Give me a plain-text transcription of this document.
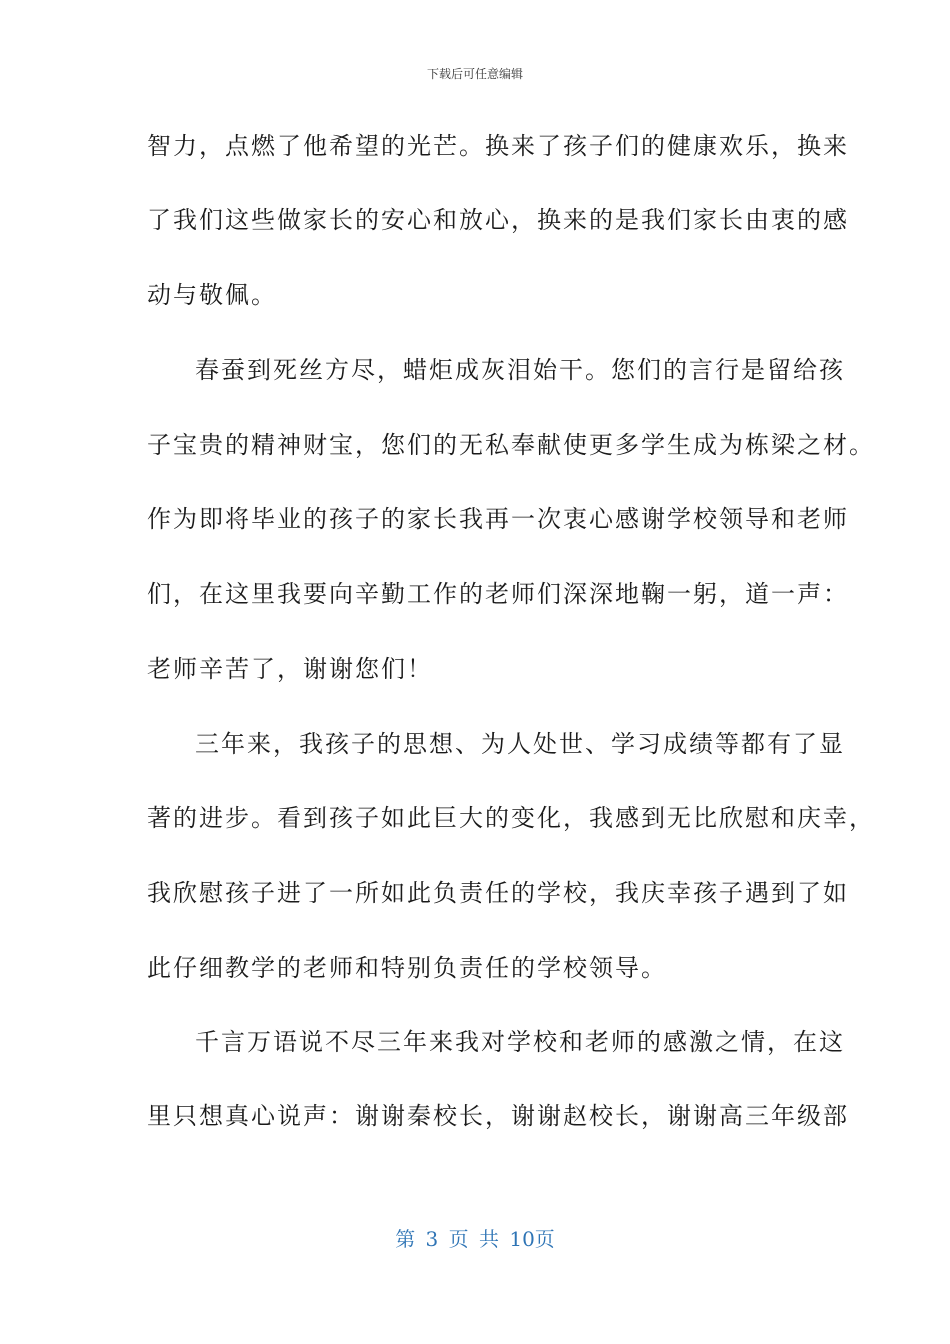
下载后可任意编辑
智力，点燃了他希望的光芒。换来了孩子们的健康欢乐，换来
了我们这些做家长的安心和放心，换来的是我们家长由衷的感
动与敬佩。
春蚕到死丝方尽，蜡炬成灰泪始干。您们的言行是留给孩
子宝贵的精神财宝，您们的无私奉献使更多学生成为栋梁之材。
作为即将毕业的孩子的家长我再一次衷心感谢学校领导和老师
们，在这里我要向辛勤工作的老师们深深地鞠一躬，道一声：
老师辛苦了，谢谢您们！
三年来，我孩子的思想、为人处世、学习成绩等都有了显
著的进步。看到孩子如此巨大的变化，我感到无比欣慰和庆幸，
我欣慰孩子进了一所如此负责任的学校，我庆幸孩子遇到了如
此仔细教学的老师和特别负责任的学校领导。
千言万语说不尽三年来我对学校和老师的感激之情，在这
里只想真心说声：谢谢秦校长，谢谢赵校长，谢谢高三年级部
第 3 页 共 10页
